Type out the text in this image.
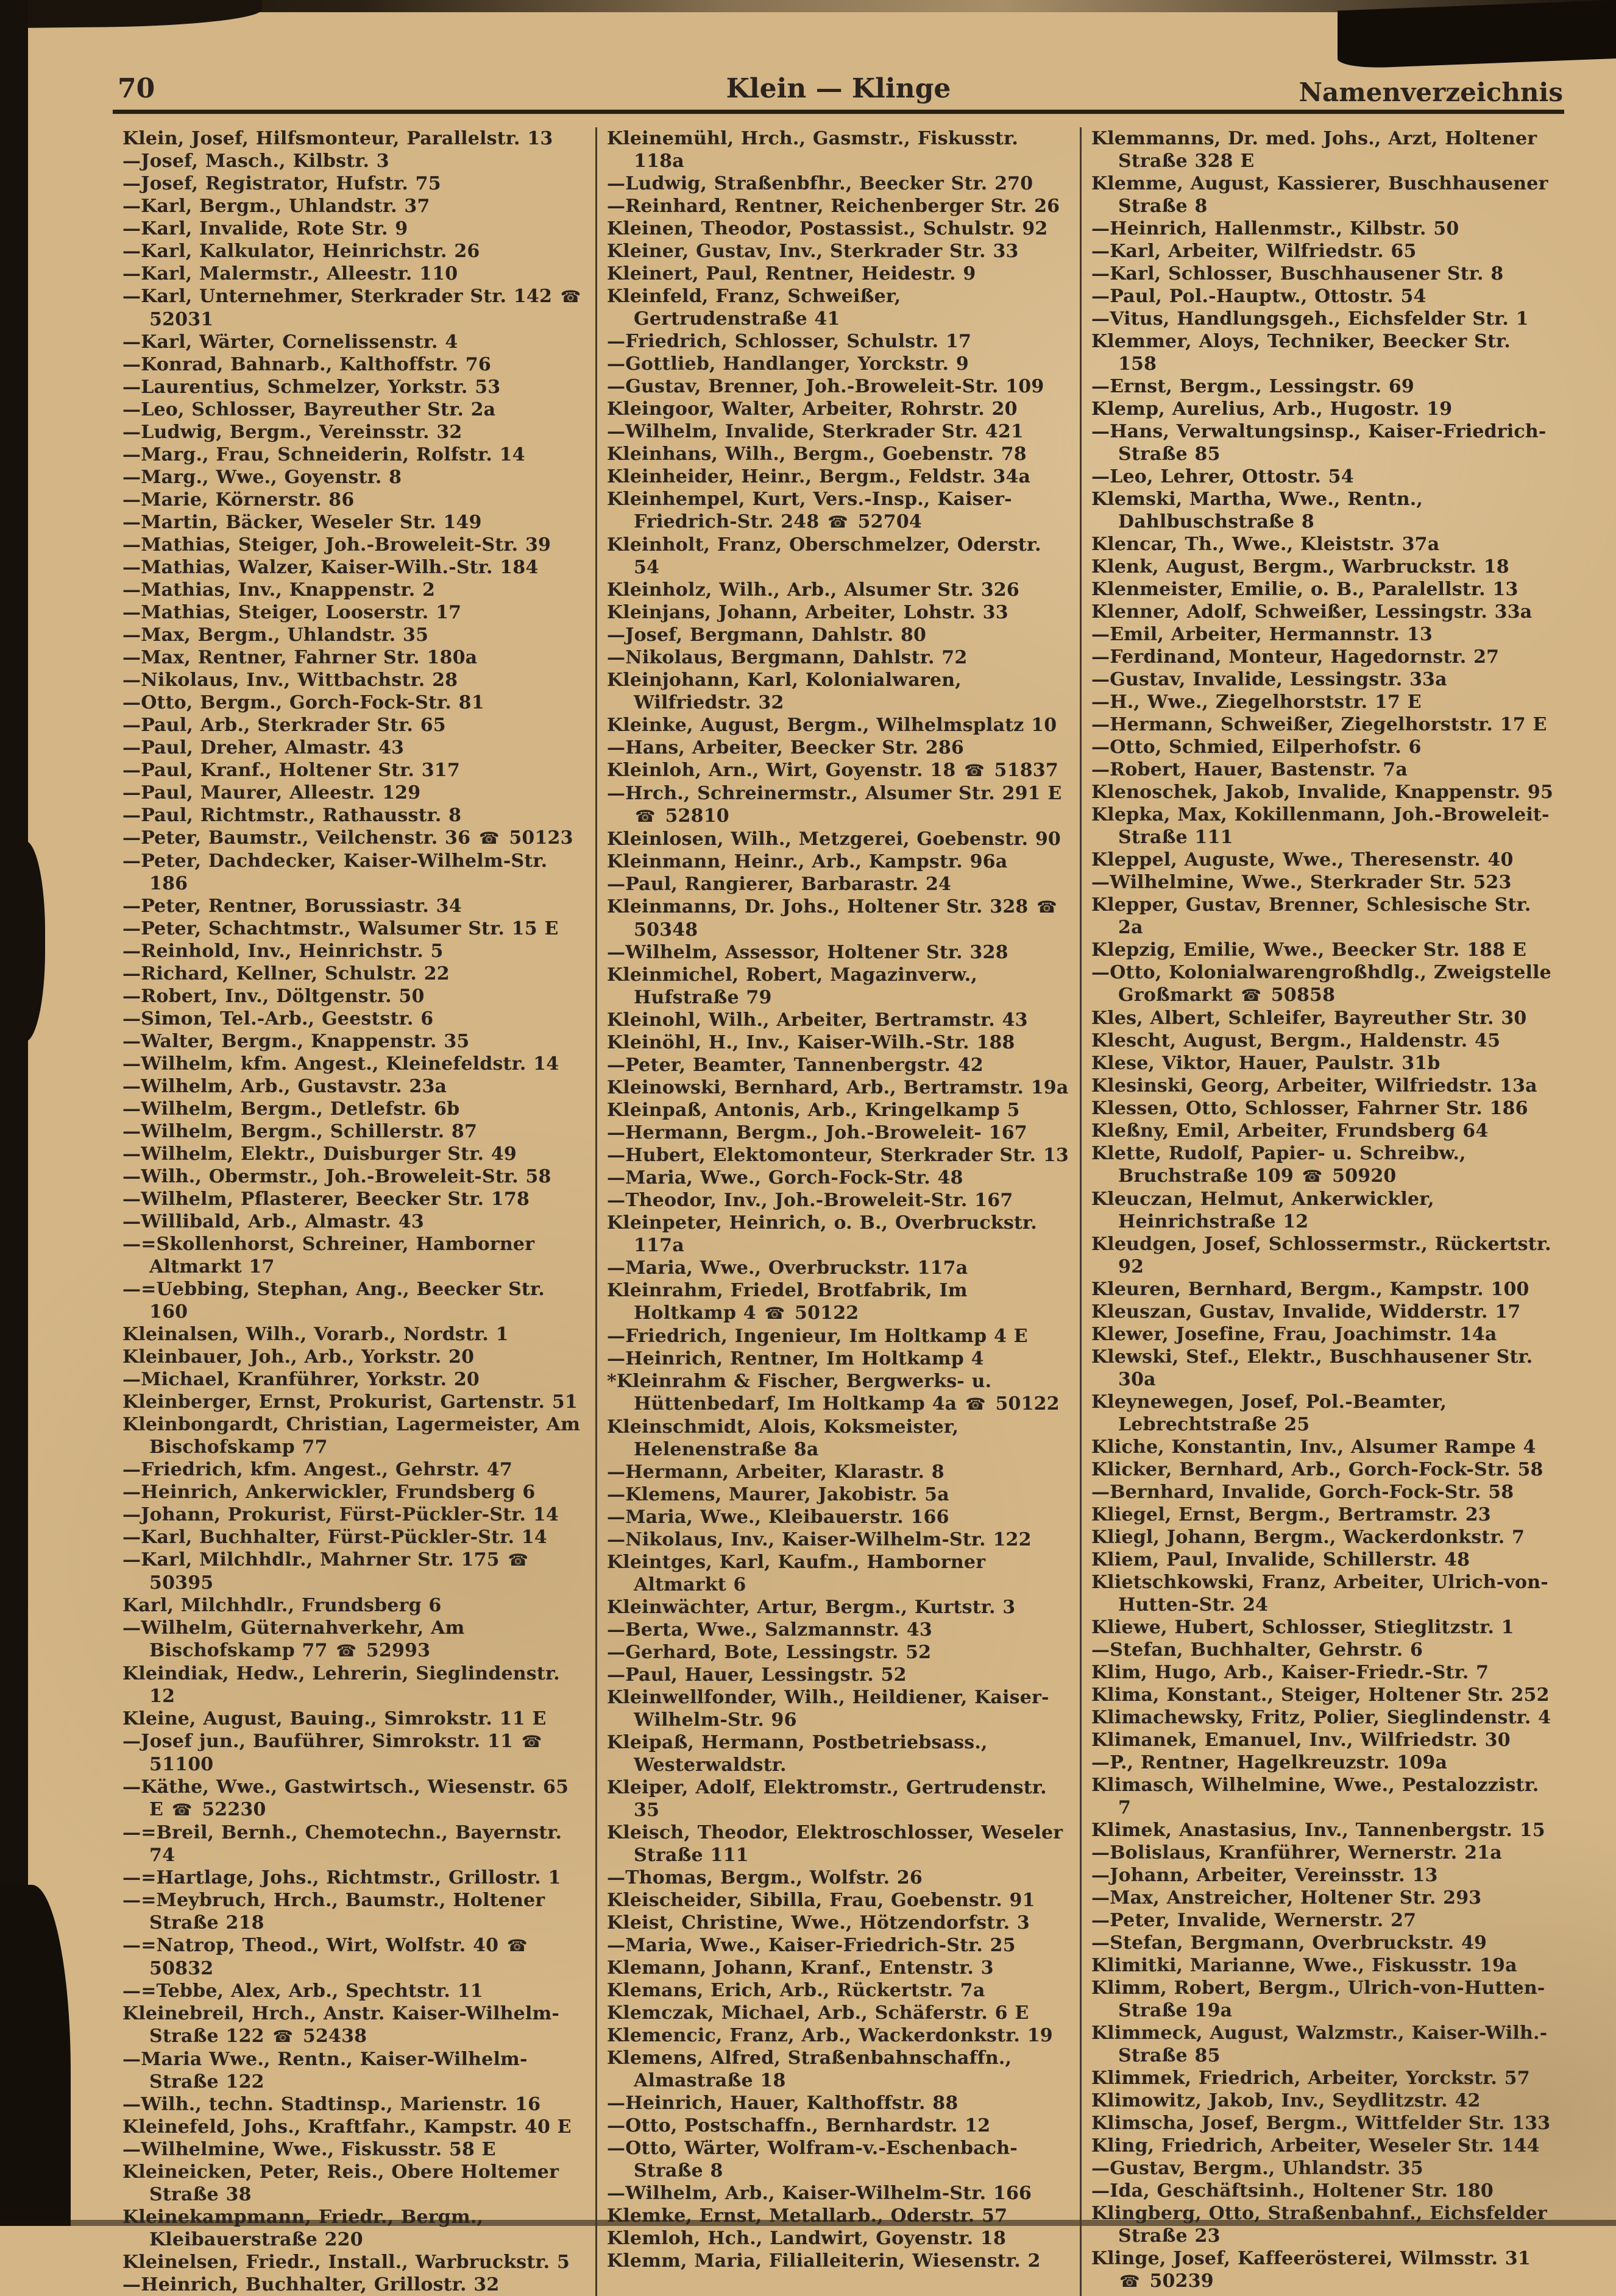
70	Klein — Klinge	Namenverzeichnis
Klein, Josef, Hilfsmonteur, Parallelstr. 13
—Josef, Masch., Kilbstr. 3
—Josef, Registrator, Hufstr. 75
—Karl, Bergm., Uhlandstr. 37
—Karl, Invalide, Rote Str. 9
—Karl, Kalkulator, Heinrichstr. 26
—Karl, Malermstr., Alleestr. 110
—Karl, Unternehmer, Sterkrader Str. 142 ☎ 52031
—Karl, Wärter, Cornelissenstr. 4
—Konrad, Bahnarb., Kalthoffstr. 76
—Laurentius, Schmelzer, Yorkstr. 53
—Leo, Schlosser, Bayreuther Str. 2a
—Ludwig, Bergm., Vereinsstr. 32
—Marg., Frau, Schneiderin, Rolfstr. 14
—Marg., Wwe., Goyenstr. 8
—Marie, Körnerstr. 86
—Martin, Bäcker, Weseler Str. 149
—Mathias, Steiger, Joh.-Broweleit-Str. 39
—Mathias, Walzer, Kaiser-Wilh.-Str. 184
—Mathias, Inv., Knappenstr. 2
—Mathias, Steiger, Looserstr. 17
—Max, Bergm., Uhlandstr. 35
—Max, Rentner, Fahrner Str. 180a
—Nikolaus, Inv., Wittbachstr. 28
—Otto, Bergm., Gorch-Fock-Str. 81
—Paul, Arb., Sterkrader Str. 65
—Paul, Dreher, Almastr. 43
—Paul, Kranf., Holtener Str. 317
—Paul, Maurer, Alleestr. 129
—Paul, Richtmstr., Rathausstr. 8
—Peter, Baumstr., Veilchenstr. 36 ☎ 50123
—Peter, Dachdecker, Kaiser-Wilhelm-Str. 186
—Peter, Rentner, Borussiastr. 34
—Peter, Schachtmstr., Walsumer Str. 15 E
—Reinhold, Inv., Heinrichstr. 5
—Richard, Kellner, Schulstr. 22
—Robert, Inv., Döltgenstr. 50
—Simon, Tel.-Arb., Geeststr. 6
—Walter, Bergm., Knappenstr. 35
—Wilhelm, kfm. Angest., Kleinefeldstr. 14
—Wilhelm, Arb., Gustavstr. 23a
—Wilhelm, Bergm., Detlefstr. 6b
—Wilhelm, Bergm., Schillerstr. 87
—Wilhelm, Elektr., Duisburger Str. 49
—Wilh., Obermstr., Joh.-Broweleit-Str. 58
—Wilhelm, Pflasterer, Beecker Str. 178
—Willibald, Arb., Almastr. 43
—=Skollenhorst, Schreiner, Hamborner Altmarkt 17
—=Uebbing, Stephan, Ang., Beecker Str. 160
Kleinalsen, Wilh., Vorarb., Nordstr. 1
Kleinbauer, Joh., Arb., Yorkstr. 20
—Michael, Kranführer, Yorkstr. 20
Kleinberger, Ernst, Prokurist, Gartenstr. 51
Kleinbongardt, Christian, Lagermeister, Am Bischofskamp 77
—Friedrich, kfm. Angest., Gehrstr. 47
—Heinrich, Ankerwickler, Frundsberg 6
—Johann, Prokurist, Fürst-Pückler-Str. 14
—Karl, Buchhalter, Fürst-Pückler-Str. 14
—Karl, Milchhdlr., Mahrner Str. 175 ☎ 50395
Karl, Milchhdlr., Frundsberg 6
—Wilhelm, Güternahverkehr, Am Bischofskamp 77 ☎ 52993
Kleindiak, Hedw., Lehrerin, Sieglindenstr. 12
Kleine, August, Bauing., Simrokstr. 11 E
—Josef jun., Bauführer, Simrokstr. 11 ☎ 51100
—Käthe, Wwe., Gastwirtsch., Wiesenstr. 65 E ☎ 52230
—=Breil, Bernh., Chemotechn., Bayernstr. 74
—=Hartlage, Johs., Richtmstr., Grillostr. 1
—=Meybruch, Hrch., Baumstr., Holtener Straße 218
—=Natrop, Theod., Wirt, Wolfstr. 40 ☎ 50832
—=Tebbe, Alex, Arb., Spechtstr. 11
Kleinebreil, Hrch., Anstr. Kaiser-Wilhelm-Straße 122 ☎ 52438
—Maria Wwe., Rentn., Kaiser-Wilhelm-Straße 122
—Wilh., techn. Stadtinsp., Marienstr. 16
Kleinefeld, Johs., Kraftfahr., Kampstr. 40 E
—Wilhelmine, Wwe., Fiskusstr. 58 E
Kleineicken, Peter, Reis., Obere Holtemer Straße 38
Kleinekampmann, Friedr., Bergm., Kleibauerstraße 220
Kleinelsen, Friedr., Install., Warbruckstr. 5
—Heinrich, Buchhalter, Grillostr. 32
Kleinemühl, Hrch., Gasmstr., Fiskusstr. 118a
—Ludwig, Straßenbfhr., Beecker Str. 270
—Reinhard, Rentner, Reichenberger Str. 26
Kleinen, Theodor, Postassist., Schulstr. 92
Kleiner, Gustav, Inv., Sterkrader Str. 33
Kleinert, Paul, Rentner, Heidestr. 9
Kleinfeld, Franz, Schweißer, Gertrudenstraße 41
—Friedrich, Schlosser, Schulstr. 17
—Gottlieb, Handlanger, Yorckstr. 9
—Gustav, Brenner, Joh.-Broweleit-Str. 109
Kleingoor, Walter, Arbeiter, Rohrstr. 20
—Wilhelm, Invalide, Sterkrader Str. 421
Kleinhans, Wilh., Bergm., Goebenstr. 78
Kleinheider, Heinr., Bergm., Feldstr. 34a
Kleinhempel, Kurt, Vers.-Insp., Kaiser-Friedrich-Str. 248 ☎ 52704
Kleinholt, Franz, Oberschmelzer, Oderstr. 54
Kleinholz, Wilh., Arb., Alsumer Str. 326
Kleinjans, Johann, Arbeiter, Lohstr. 33
—Josef, Bergmann, Dahlstr. 80
—Nikolaus, Bergmann, Dahlstr. 72
Kleinjohann, Karl, Kolonialwaren, Wilfriedstr. 32
Kleinke, August, Bergm., Wilhelmsplatz 10
—Hans, Arbeiter, Beecker Str. 286
Kleinloh, Arn., Wirt, Goyenstr. 18 ☎ 51837
—Hrch., Schreinermstr., Alsumer Str. 291 E ☎ 52810
Kleinlosen, Wilh., Metzgerei, Goebenstr. 90
Kleinmann, Heinr., Arb., Kampstr. 96a
—Paul, Rangierer, Barbarastr. 24
Kleinmanns, Dr. Johs., Holtener Str. 328 ☎ 50348
—Wilhelm, Assessor, Holtener Str. 328
Kleinmichel, Robert, Magazinverw., Hufstraße 79
Kleinohl, Wilh., Arbeiter, Bertramstr. 43
Kleinöhl, H., Inv., Kaiser-Wilh.-Str. 188
—Peter, Beamter, Tannenbergstr. 42
Kleinowski, Bernhard, Arb., Bertramstr. 19a
Kleinpaß, Antonis, Arb., Kringelkamp 5
—Hermann, Bergm., Joh.-Broweleit- 167
—Hubert, Elektomonteur, Sterkrader Str. 13
—Maria, Wwe., Gorch-Fock-Str. 48
—Theodor, Inv., Joh.-Broweleit-Str. 167
Kleinpeter, Heinrich, o. B., Overbruckstr. 117a
—Maria, Wwe., Overbruckstr. 117a
Kleinrahm, Friedel, Brotfabrik, Im Holtkamp 4 ☎ 50122
—Friedrich, Ingenieur, Im Holtkamp 4 E
—Heinrich, Rentner, Im Holtkamp 4
*Kleinrahm & Fischer, Bergwerks- u. Hüttenbedarf, Im Holtkamp 4a ☎ 50122
Kleinschmidt, Alois, Koksmeister, Helenenstraße 8a
—Hermann, Arbeiter, Klarastr. 8
—Klemens, Maurer, Jakobistr. 5a
—Maria, Wwe., Kleibauerstr. 166
—Nikolaus, Inv., Kaiser-Wilhelm-Str. 122
Kleintges, Karl, Kaufm., Hamborner Altmarkt 6
Kleinwächter, Artur, Bergm., Kurtstr. 3
—Berta, Wwe., Salzmannstr. 43
—Gerhard, Bote, Lessingstr. 52
—Paul, Hauer, Lessingstr. 52
Kleinwellfonder, Wilh., Heildiener, Kaiser-Wilhelm-Str. 96
Kleipaß, Hermann, Postbetriebsass., Westerwaldstr.
Kleiper, Adolf, Elektromstr., Gertrudenstr. 35
Kleisch, Theodor, Elektroschlosser, Weseler Straße 111
—Thomas, Bergm., Wolfstr. 26
Kleischeider, Sibilla, Frau, Goebenstr. 91
Kleist, Christine, Wwe., Hötzendorfstr. 3
—Maria, Wwe., Kaiser-Friedrich-Str. 25
Klemann, Johann, Kranf., Entenstr. 3
Klemans, Erich, Arb., Rückertstr. 7a
Klemczak, Michael, Arb., Schäferstr. 6 E
Klemencic, Franz, Arb., Wackerdonkstr. 19
Klemens, Alfred, Straßenbahnschaffn., Almastraße 18
—Heinrich, Hauer, Kalthoffstr. 88
—Otto, Postschaffn., Bernhardstr. 12
—Otto, Wärter, Wolfram-v.-Eschenbach-Straße 8
—Wilhelm, Arb., Kaiser-Wilhelm-Str. 166
Klemke, Ernst, Metallarb., Oderstr. 57
Klemloh, Hch., Landwirt, Goyenstr. 18
Klemm, Maria, Filialleiterin, Wiesenstr. 2
Klemmanns, Dr. med. Johs., Arzt, Holtener Straße 328 E
Klemme, August, Kassierer, Buschhausener Straße 8
—Heinrich, Hallenmstr., Kilbstr. 50
—Karl, Arbeiter, Wilfriedstr. 65
—Karl, Schlosser, Buschhausener Str. 8
—Paul, Pol.-Hauptw., Ottostr. 54
—Vitus, Handlungsgeh., Eichsfelder Str. 1
Klemmer, Aloys, Techniker, Beecker Str. 158
—Ernst, Bergm., Lessingstr. 69
Klemp, Aurelius, Arb., Hugostr. 19
—Hans, Verwaltungsinsp., Kaiser-Friedrich-Straße 85
—Leo, Lehrer, Ottostr. 54
Klemski, Martha, Wwe., Rentn., Dahlbuschstraße 8
Klencar, Th., Wwe., Kleiststr. 37a
Klenk, August, Bergm., Warbruckstr. 18
Klenmeister, Emilie, o. B., Paralellstr. 13
Klenner, Adolf, Schweißer, Lessingstr. 33a
—Emil, Arbeiter, Hermannstr. 13
—Ferdinand, Monteur, Hagedornstr. 27
—Gustav, Invalide, Lessingstr. 33a
—H., Wwe., Ziegelhorststr. 17 E
—Hermann, Schweißer, Ziegelhorststr. 17 E
—Otto, Schmied, Eilperhofstr. 6
—Robert, Hauer, Bastenstr. 7a
Klenoschek, Jakob, Invalide, Knappenstr. 95
Klepka, Max, Kokillenmann, Joh.-Broweleit-Straße 111
Kleppel, Auguste, Wwe., Theresenstr. 40
—Wilhelmine, Wwe., Sterkrader Str. 523
Klepper, Gustav, Brenner, Schlesische Str. 2a
Klepzig, Emilie, Wwe., Beecker Str. 188 E
—Otto, Kolonialwarengroßhdlg., Zweigstelle Großmarkt ☎ 50858
Kles, Albert, Schleifer, Bayreuther Str. 30
Klescht, August, Bergm., Haldenstr. 45
Klese, Viktor, Hauer, Paulstr. 31b
Klesinski, Georg, Arbeiter, Wilfriedstr. 13a
Klessen, Otto, Schlosser, Fahrner Str. 186
Kleßny, Emil, Arbeiter, Frundsberg 64
Klette, Rudolf, Papier- u. Schreibw., Bruchstraße 109 ☎ 50920
Kleuczan, Helmut, Ankerwickler, Heinrichstraße 12
Kleudgen, Josef, Schlossermstr., Rückertstr. 92
Kleuren, Bernhard, Bergm., Kampstr. 100
Kleuszan, Gustav, Invalide, Widderstr. 17
Klewer, Josefine, Frau, Joachimstr. 14a
Klewski, Stef., Elektr., Buschhausener Str. 30a
Kleynewegen, Josef, Pol.-Beamter, Lebrechtstraße 25
Kliche, Konstantin, Inv., Alsumer Rampe 4
Klicker, Bernhard, Arb., Gorch-Fock-Str. 58
—Bernhard, Invalide, Gorch-Fock-Str. 58
Kliegel, Ernst, Bergm., Bertramstr. 23
Kliegl, Johann, Bergm., Wackerdonkstr. 7
Kliem, Paul, Invalide, Schillerstr. 48
Klietschkowski, Franz, Arbeiter, Ulrich-von-Hutten-Str. 24
Kliewe, Hubert, Schlosser, Stieglitzstr. 1
—Stefan, Buchhalter, Gehrstr. 6
Klim, Hugo, Arb., Kaiser-Friedr.-Str. 7
Klima, Konstant., Steiger, Holtener Str. 252
Klimachewsky, Fritz, Polier, Sieglindenstr. 4
Klimanek, Emanuel, Inv., Wilfriedstr. 30
—P., Rentner, Hagelkreuzstr. 109a
Klimasch, Wilhelmine, Wwe., Pestalozzistr. 7
Klimek, Anastasius, Inv., Tannenbergstr. 15
—Bolislaus, Kranführer, Wernerstr. 21a
—Johann, Arbeiter, Vereinsstr. 13
—Max, Anstreicher, Holtener Str. 293
—Peter, Invalide, Wernerstr. 27
—Stefan, Bergmann, Overbruckstr. 49
Klimitki, Marianne, Wwe., Fiskusstr. 19a
Klimm, Robert, Bergm., Ulrich-von-Hutten-Straße 19a
Klimmeck, August, Walzmstr., Kaiser-Wilh.-Straße 85
Klimmek, Friedrich, Arbeiter, Yorckstr. 57
Klimowitz, Jakob, Inv., Seydlitzstr. 42
Klimscha, Josef, Bergm., Wittfelder Str. 133
Kling, Friedrich, Arbeiter, Weseler Str. 144
—Gustav, Bergm., Uhlandstr. 35
—Ida, Geschäftsinh., Holtener Str. 180
Klingberg, Otto, Straßenbahnf., Eichsfelder Straße 23
Klinge, Josef, Kaffeerösterei, Wilmsstr. 31 ☎ 50239
